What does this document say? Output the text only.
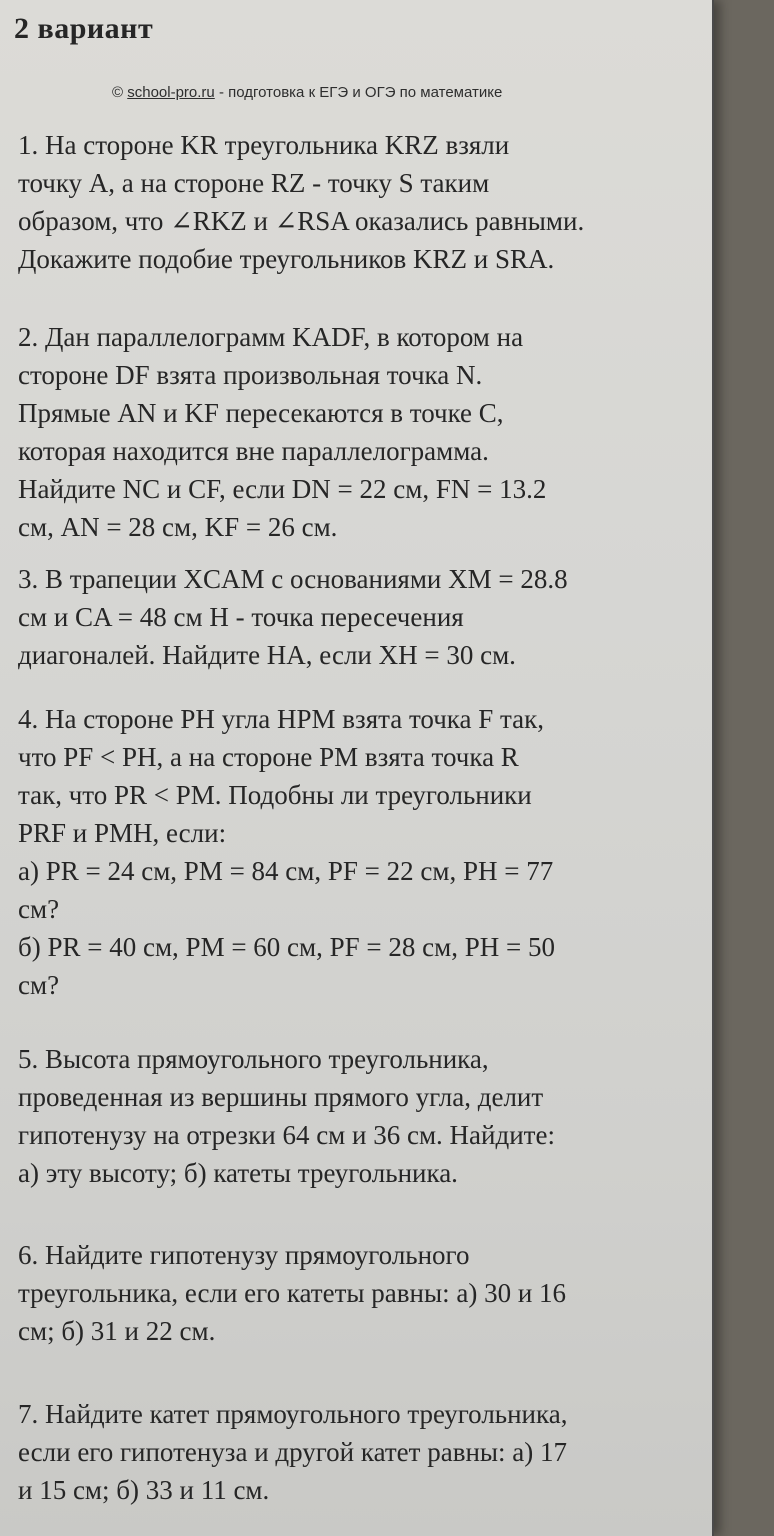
2 вариант
© school-pro.ru - подготовка к ЕГЭ и ОГЭ по математике

1. На стороне KR треугольника KRZ взяли

точку A, а на стороне RZ - точку S таким

образом, что ∠RKZ и ∠RSA оказались равными.

Докажите подобие треугольников KRZ и SRA.

2. Дан параллелограмм KADF, в котором на

стороне DF взята произвольная точка N.

Прямые AN и KF пересекаются в точке C,

которая находится вне параллелограмма.

Найдите NC и CF, если DN = 22 см, FN = 13.2

см, AN = 28 см, KF = 26 см.

3. В трапеции XCAM с основаниями XM = 28.8

см и CA = 48 см H - точка пересечения

диагоналей. Найдите HA, если XH = 30 см.

4. На стороне PH угла HPM взята точка F так,

что PF < PH, а на стороне PM взята точка R

так, что PR < PM. Подобны ли треугольники

PRF и PMH, если:

а) PR = 24 см, PM = 84 см, PF = 22 см, PH = 77

см?

б) PR = 40 см, PM = 60 см, PF = 28 см, PH = 50

см?

5. Высота прямоугольного треугольника,

проведенная из вершины прямого угла, делит

гипотенузу на отрезки 64 см и 36 см. Найдите:

а) эту высоту; б) катеты треугольника.

6. Найдите гипотенузу прямоугольного

треугольника, если его катеты равны: а) 30 и 16

см; б) 31 и 22 см.

7. Найдите катет прямоугольного треугольника,

если его гипотенуза и другой катет равны: а) 17

и 15 см; б) 33 и 11 см.
